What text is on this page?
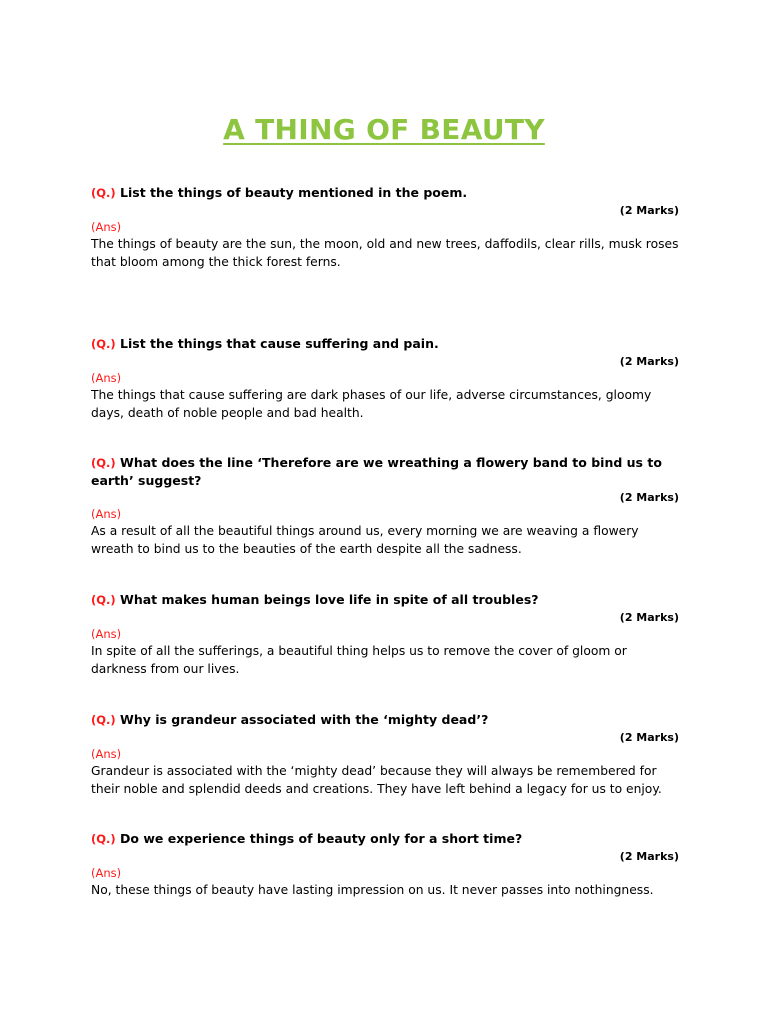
A THING OF BEAUTY

(Q.) List the things of beauty mentioned in the poem.

(2 Marks)

(Ans)

The things of beauty are the sun, the moon, old and new trees, daffodils, clear rills, musk roses that bloom among the thick forest ferns.

(Q.) List the things that cause suffering and pain.

(2 Marks)

(Ans)

The things that cause suffering are dark phases of our life, adverse circumstances, gloomy days, death of noble people and bad health.

(Q.) What does the line ‘Therefore are we wreathing a flowery band to bind us to earth’ suggest?

(2 Marks)

(Ans)

As a result of all the beautiful things around us, every morning we are weaving a flowery wreath to bind us to the beauties of the earth despite all the sadness.

(Q.) What makes human beings love life in spite of all troubles?

(2 Marks)

(Ans)

In spite of all the sufferings, a beautiful thing helps us to remove the cover of gloom or darkness from our lives.

(Q.) Why is grandeur associated with the ‘mighty dead’?

(2 Marks)

(Ans)

Grandeur is associated with the ‘mighty dead’ because they will always be remembered for their noble and splendid deeds and creations. They have left behind a legacy for us to enjoy.

(Q.) Do we experience things of beauty only for a short time?

(2 Marks)

(Ans)

No, these things of beauty have lasting impression on us. It never passes into nothingness.
